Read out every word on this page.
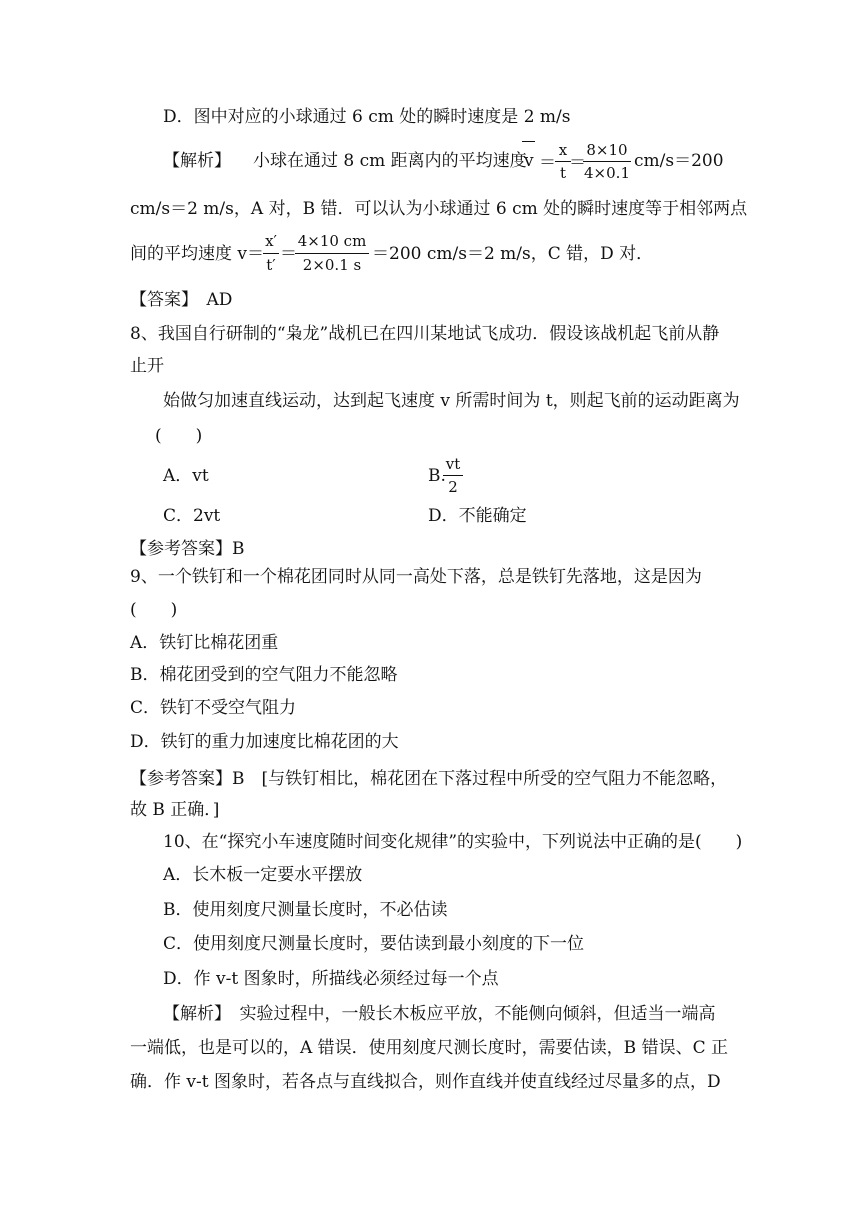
D．图中对应的小球通过 6 cm 处的瞬时速度是 2 m/s
【解析】 小球在通过 8 cm 距离内的平均速度
v ＝
x
t ＝
8×10
4×0.1
cm/s＝200
cm/s＝2 m/s，A 对，B 错．可以认为小球通过 6 cm 处的瞬时速度等于相邻两点
间的平均速度 v＝
x′
t′
＝
4×10 cm
2×0.1 s
＝200 cm/s＝2 m/s，C 错，D 对．
【答案】　AD
8、我国自行研制的“枭龙”战机已在四川某地试飞成功．假设该战机起飞前从静
止开
始做匀加速直线运动，达到起飞速度 v 所需时间为 t，则起飞前的运动距离为
(　　)
A．vt	B.
vt
2
C．2vt	D．不能确定
【参考答案】B
9、一个铁钉和一个棉花团同时从同一高处下落，总是铁钉先落地，这是因为
(　　)
A．铁钉比棉花团重
B．棉花团受到的空气阻力不能忽略
C．铁钉不受空气阻力
D．铁钉的重力加速度比棉花团的大
【参考答案】B　[与铁钉相比，棉花团在下落过程中所受的空气阻力不能忽略，
故 B 正确．]
10、在“探究小车速度随时间变化规律”的实验中，下列说法中正确的是(　　)
A．长木板一定要水平摆放
B．使用刻度尺测量长度时，不必估读
C．使用刻度尺测量长度时，要估读到最小刻度的下一位
D．作 v-t 图象时，所描线必须经过每一个点
【解析】　实验过程中，一般长木板应平放，不能侧向倾斜，但适当一端高
一端低，也是可以的，A 错误．使用刻度尺测长度时，需要估读，B 错误、C 正
确．作 v-t 图象时，若各点与直线拟合，则作直线并使直线经过尽量多的点，D
